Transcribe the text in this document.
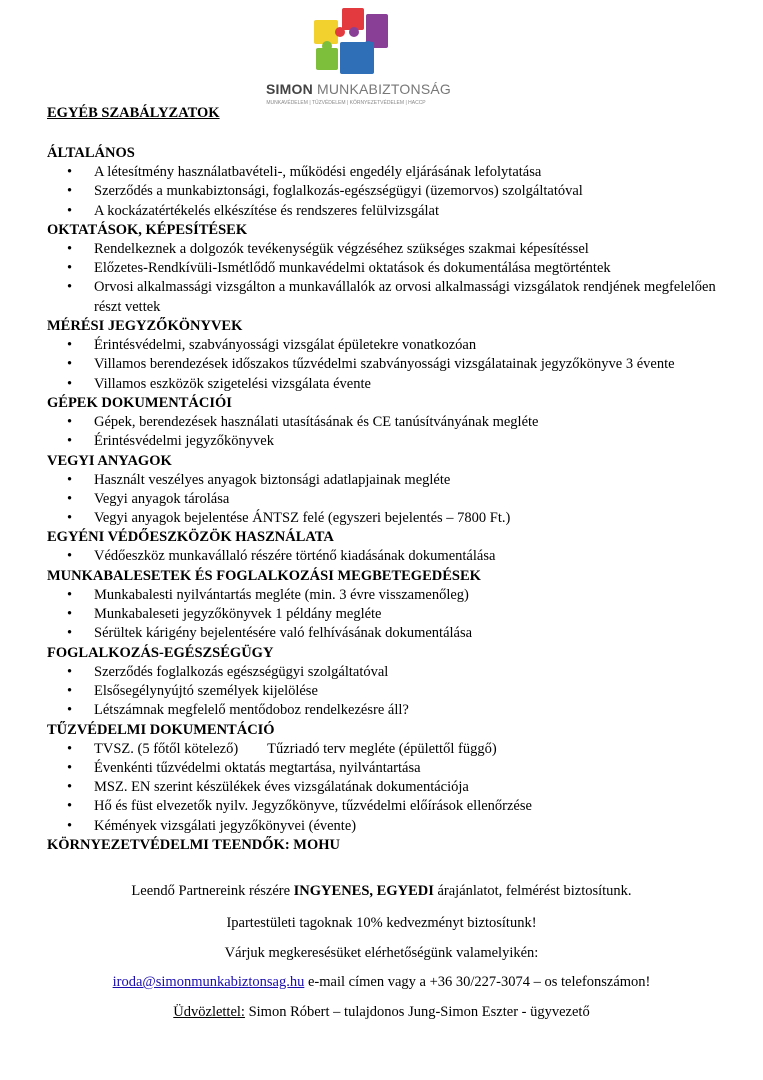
SIMON MUNKABIZTONSÁG
MUNKAVÉDELEM | TŰZVÉDELEM | KÖRNYEZETVÉDELEM | HACCP
EGYÉB SZABÁLYZATOK
ÁLTALÁNOS
• A létesítmény használatbavételi-, működési engedély eljárásának lefolytatása
• Szerződés a munkabiztonsági, foglalkozás-egészségügyi (üzemorvos) szolgáltatóval
• A kockázatértékelés elkészítése és rendszeres felülvizsgálat
OKTATÁSOK, KÉPESÍTÉSEK
• Rendelkeznek a dolgozók tevékenységük végzéséhez szükséges szakmai képesítéssel
• Előzetes-Rendkívüli-Ismétlődő munkavédelmi oktatások és dokumentálása megtörténtek
• Orvosi alkalmassági vizsgálton a munkavállalók az orvosi alkalmassági vizsgálatok rendjének megfelelően részt vettek
MÉRÉSI JEGYZŐKÖNYVEK
• Érintésvédelmi, szabványossági vizsgálat épületekre vonatkozóan
• Villamos berendezések időszakos tűzvédelmi szabványossági vizsgálatainak jegyzőkönyve 3 évente
• Villamos eszközök szigetelési vizsgálata évente
GÉPEK DOKUMENTÁCIÓI
• Gépek, berendezések használati utasításának és CE tanúsítványának megléte
• Érintésvédelmi jegyzőkönyvek
VEGYI ANYAGOK
• Használt veszélyes anyagok biztonsági adatlapjainak megléte
• Vegyi anyagok tárolása
• Vegyi anyagok bejelentése ÁNTSZ felé (egyszeri bejelentés – 7800 Ft.)
EGYÉNI VÉDŐESZKÖZÖK HASZNÁLATA
• Védőeszköz munkavállaló részére történő kiadásának dokumentálása
MUNKABALESETEK ÉS FOGLALKOZÁSI MEGBETEGEDÉSEK
• Munkabalesti nyilvántartás megléte (min. 3 évre visszamenőleg)
• Munkabaleseti jegyzőkönyvek 1 példány megléte
• Sérültek kárigény bejelentésére való felhívásának dokumentálása
FOGLALKOZÁS-EGÉSZSÉGÜGY
• Szerződés foglalkozás egészségügyi szolgáltatóval
• Elsősegélynyújtó személyek kijelölése
• Létszámnak megfelelő mentődoboz rendelkezésre áll?
TŰZVÉDELMI DOKUMENTÁCIÓ
• TVSZ. (5 főtől kötelező)  Tűzriadó terv megléte (épülettől függő)
• Évenkénti tűzvédelmi oktatás megtartása, nyilvántartása
• MSZ. EN szerint készülékek éves vizsgálatának dokumentációja
• Hő és füst elvezetők nyilv. Jegyzőkönyve, tűzvédelmi előírások ellenőrzése
• Kémények vizsgálati jegyzőkönyvei (évente)
KÖRNYEZETVÉDELMI TEENDŐK: MOHU
Leendő Partnereink részére INGYENES, EGYEDI árajánlatot, felmérést biztosítunk.
Ipartestületi tagoknak 10% kedvezményt biztosítunk!
Várjuk megkeresésüket elérhetőségünk valamelyikén:
iroda@simonmunkabiztonsag.hu e-mail címen vagy a +36 30/227-3074 – os telefonszámon!
Üdvözlettel: Simon Róbert – tulajdonos Jung-Simon Eszter - ügyvezető
